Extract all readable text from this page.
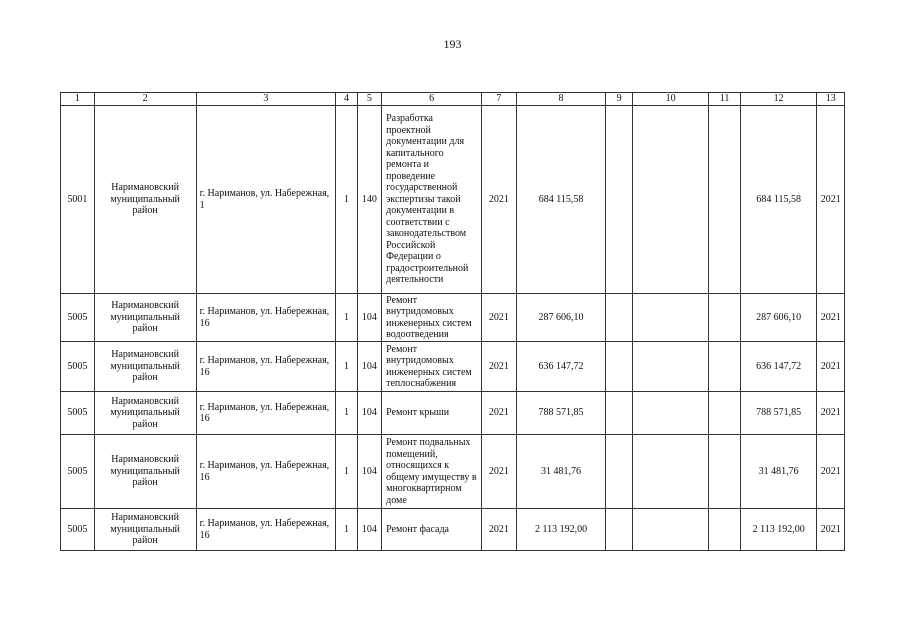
193
1	2	3	4	5	6	7	8	9	10	11	12	13
5001	Наримановский муниципальный район	г. Нариманов, ул. Набережная, 1	1	140	Разработка проектной документации для капитального ремонта и проведение государственной экспертизы такой документации в соответствии с законодательством Российской Федерации о градостроительной деятельности	2021	684 115,58				684 115,58	2021
5005	Наримановский муниципальный район	г. Нариманов, ул. Набережная, 16	1	104	Ремонт внутридомовых инженерных систем водоотведения	2021	287 606,10				287 606,10	2021
5005	Наримановский муниципальный район	г. Нариманов, ул. Набережная, 16	1	104	Ремонт внутридомовых инженерных систем теплоснабжения	2021	636 147,72				636 147,72	2021
5005	Наримановский муниципальный район	г. Нариманов, ул. Набережная, 16	1	104	Ремонт крыши	2021	788 571,85				788 571,85	2021
5005	Наримановский муниципальный район	г. Нариманов, ул. Набережная, 16	1	104	Ремонт подвальных помещений, относящихся к общему имуществу в многоквартирном доме	2021	31 481,76				31 481,76	2021
5005	Наримановский муниципальный район	г. Нариманов, ул. Набережная, 16	1	104	Ремонт фасада	2021	2 113 192,00				2 113 192,00	2021
